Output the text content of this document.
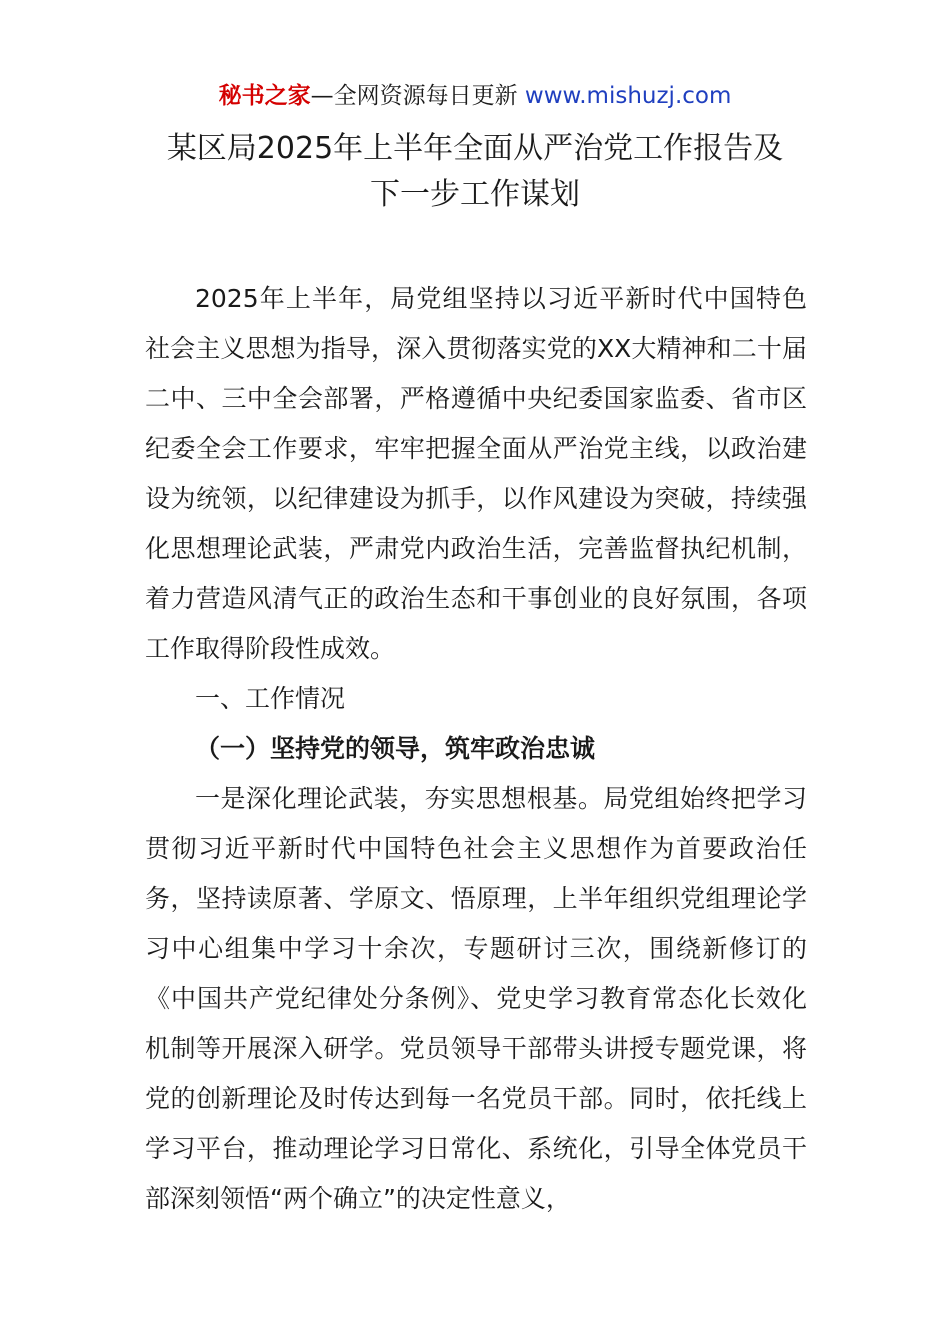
秘书之家—全网资源每日更新 www.mishuzj.com
某区局2025年上半年全面从严治党工作报告及
下一步工作谋划

2025年上半年，局党组坚持以习近平新时代中国特色社会主义思想为指导，深入贯彻落实党的XX大精神和二十届二中、三中全会部署，严格遵循中央纪委国家监委、省市区纪委全会工作要求，牢牢把握全面从严治党主线，以政治建设为统领，以纪律建设为抓手，以作风建设为突破，持续强化思想理论武装，严肃党内政治生活，完善监督执纪机制，着力营造风清气正的政治生态和干事创业的良好氛围，各项工作取得阶段性成效。

一、工作情况

（一）坚持党的领导，筑牢政治忠诚

一是深化理论武装，夯实思想根基。局党组始终把学习贯彻习近平新时代中国特色社会主义思想作为首要政治任务，坚持读原著、学原文、悟原理，上半年组织党组理论学习中心组集中学习十余次，专题研讨三次，围绕新修订的《中国共产党纪律处分条例》、党史学习教育常态化长效化机制等开展深入研学。党员领导干部带头讲授专题党课，将党的创新理论及时传达到每一名党员干部。同时，依托线上学习平台，推动理论学习日常化、系统化，引导全体党员干部深刻领悟“两个确立”的决定性意义，
